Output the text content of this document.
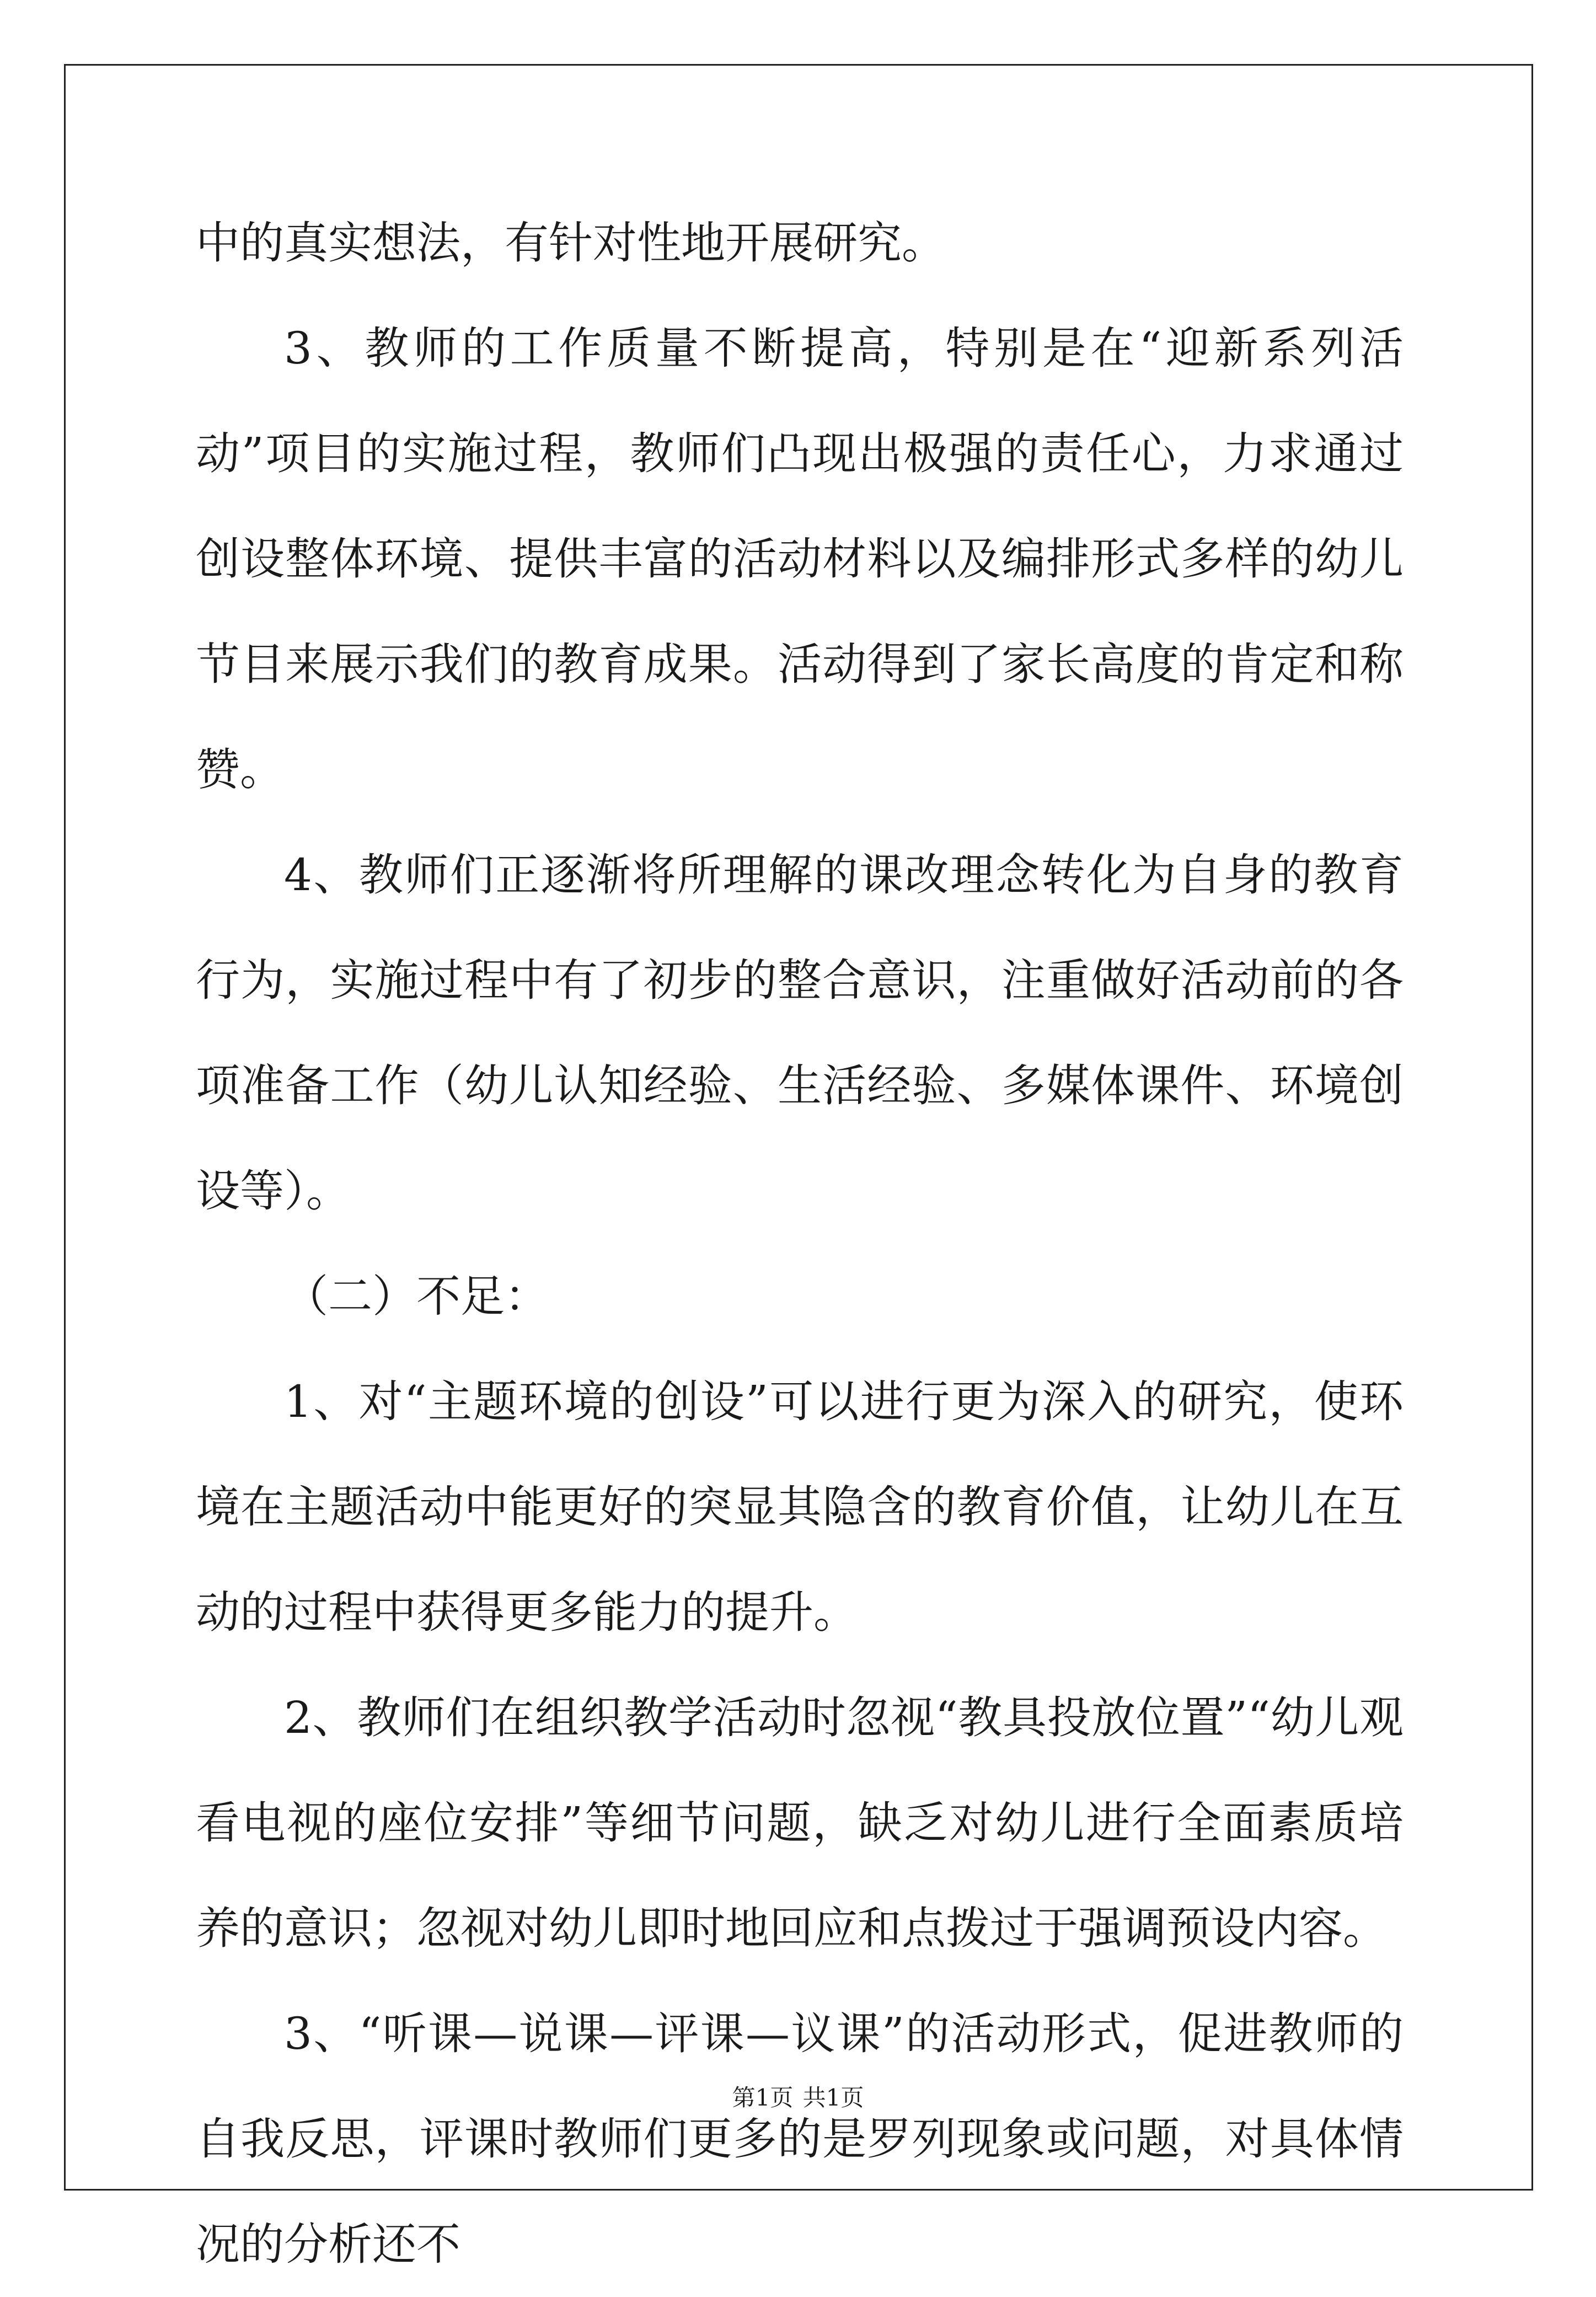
中的真实想法，有针对性地开展研究。

3、教师的工作质量不断提高，特别是在“迎新系列活动”项目的实施过程，教师们凸现出极强的责任心，力求通过创设整体环境、提供丰富的活动材料以及编排形式多样的幼儿节目来展示我们的教育成果。活动得到了家长高度的肯定和称赞。

4、教师们正逐渐将所理解的课改理念转化为自身的教育行为，实施过程中有了初步的整合意识，注重做好活动前的各项准备工作（幼儿认知经验、生活经验、多媒体课件、环境创设等）。

（二）不足：

1、对“主题环境的创设”可以进行更为深入的研究，使环境在主题活动中能更好的突显其隐含的教育价值，让幼儿在互动的过程中获得更多能力的提升。

2、教师们在组织教学活动时忽视“教具投放位置”“幼儿观看电视的座位安排”等细节问题，缺乏对幼儿进行全面素质培养的意识；忽视对幼儿即时地回应和点拨过于强调预设内容。

3、“听课—说课—评课—议课”的活动形式，促进教师的自我反思，评课时教师们更多的是罗列现象或问题，对具体情况的分析还不

第1页 共1页
